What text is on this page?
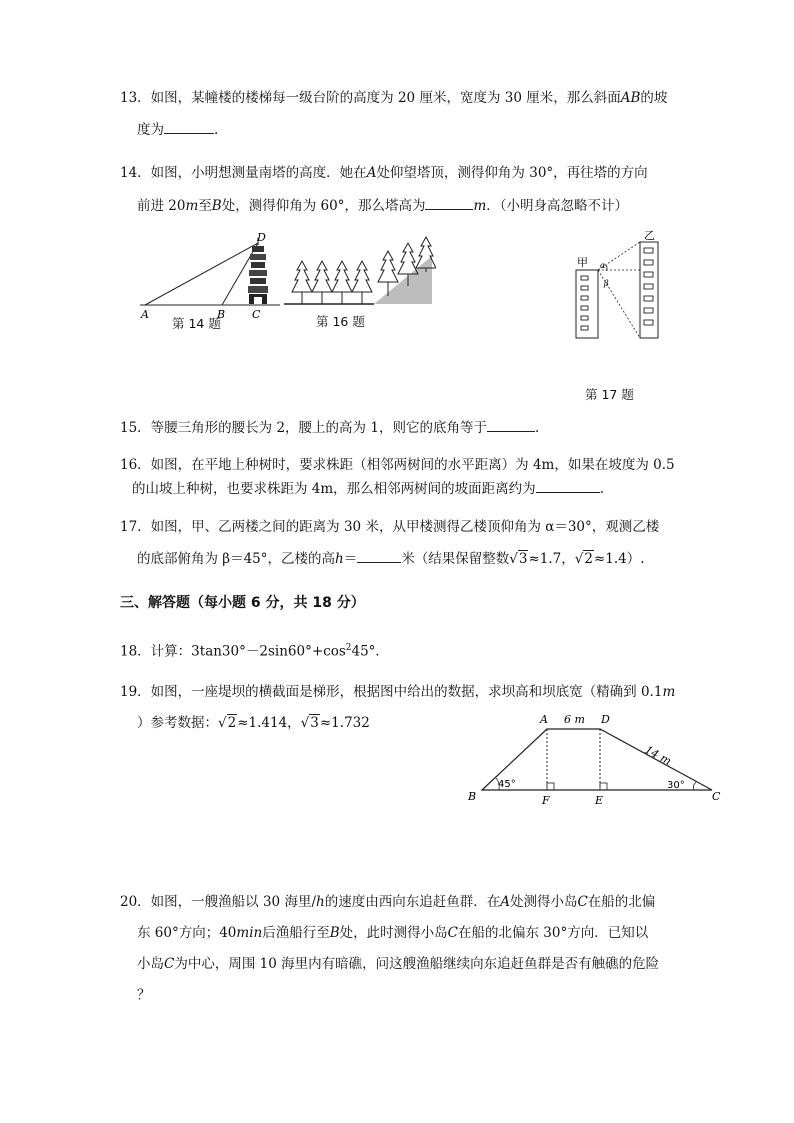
13．如图，某幢楼的楼梯每一级台阶的高度为 20 厘米，宽度为 30 厘米，那么斜面AB的坡
度为	.
14．如图，小明想测量南塔的高度．她在A处仰望塔顶，测得仰角为 30°，再往塔的方向
前进 20m至B处，测得仰角为 60°，那么塔高为	m．（小明身高忽略不计）
D
A	B C
第 14 题	第 16 题
甲
乙
α
β
第 17 题
15．等腰三角形的腰长为 2，腰上的高为 1，则它的底角等于	.
16．如图，在平地上种树时，要求株距（相邻两树间的水平距离）为 4m，如果在坡度为 0.5
的山坡上种树，也要求株距为 4m，那么相邻两树间的坡面距离约为	.
17．如图，甲、乙两楼之间的距离为 30 米，从甲楼测得乙楼顶仰角为 α＝30°，观测乙楼
的底部俯角为 β＝45°，乙楼的高h＝	米（结果保留整数√3≈1.7，√2≈1.4）.
三、解答题（每小题 6 分，共 18 分）
18．计算：$3\tan 30^\circ-2\sin 60^\circ+\cos^245^\circ$．
19．如图，一座堤坝的横截面是梯形，根据图中给出的数据，求坝高和坝底宽（精确到 0.1m
）参考数据：√2≈1.414，√3≈1.732	A	D
B	F	E	C
6 m
14 m
45°	30°
20．如图，一艘渔船以 30 海里/h的速度由西向东追赶鱼群．在A处测得小岛C在船的北偏
东 60°方向；40min后渔船行至B处，此时测得小岛C在船的北偏东 30°方向．已知以
小岛C为中心，周围 10 海里内有暗礁，问这艘渔船继续向东追赶鱼群是否有触礁的危险
？
